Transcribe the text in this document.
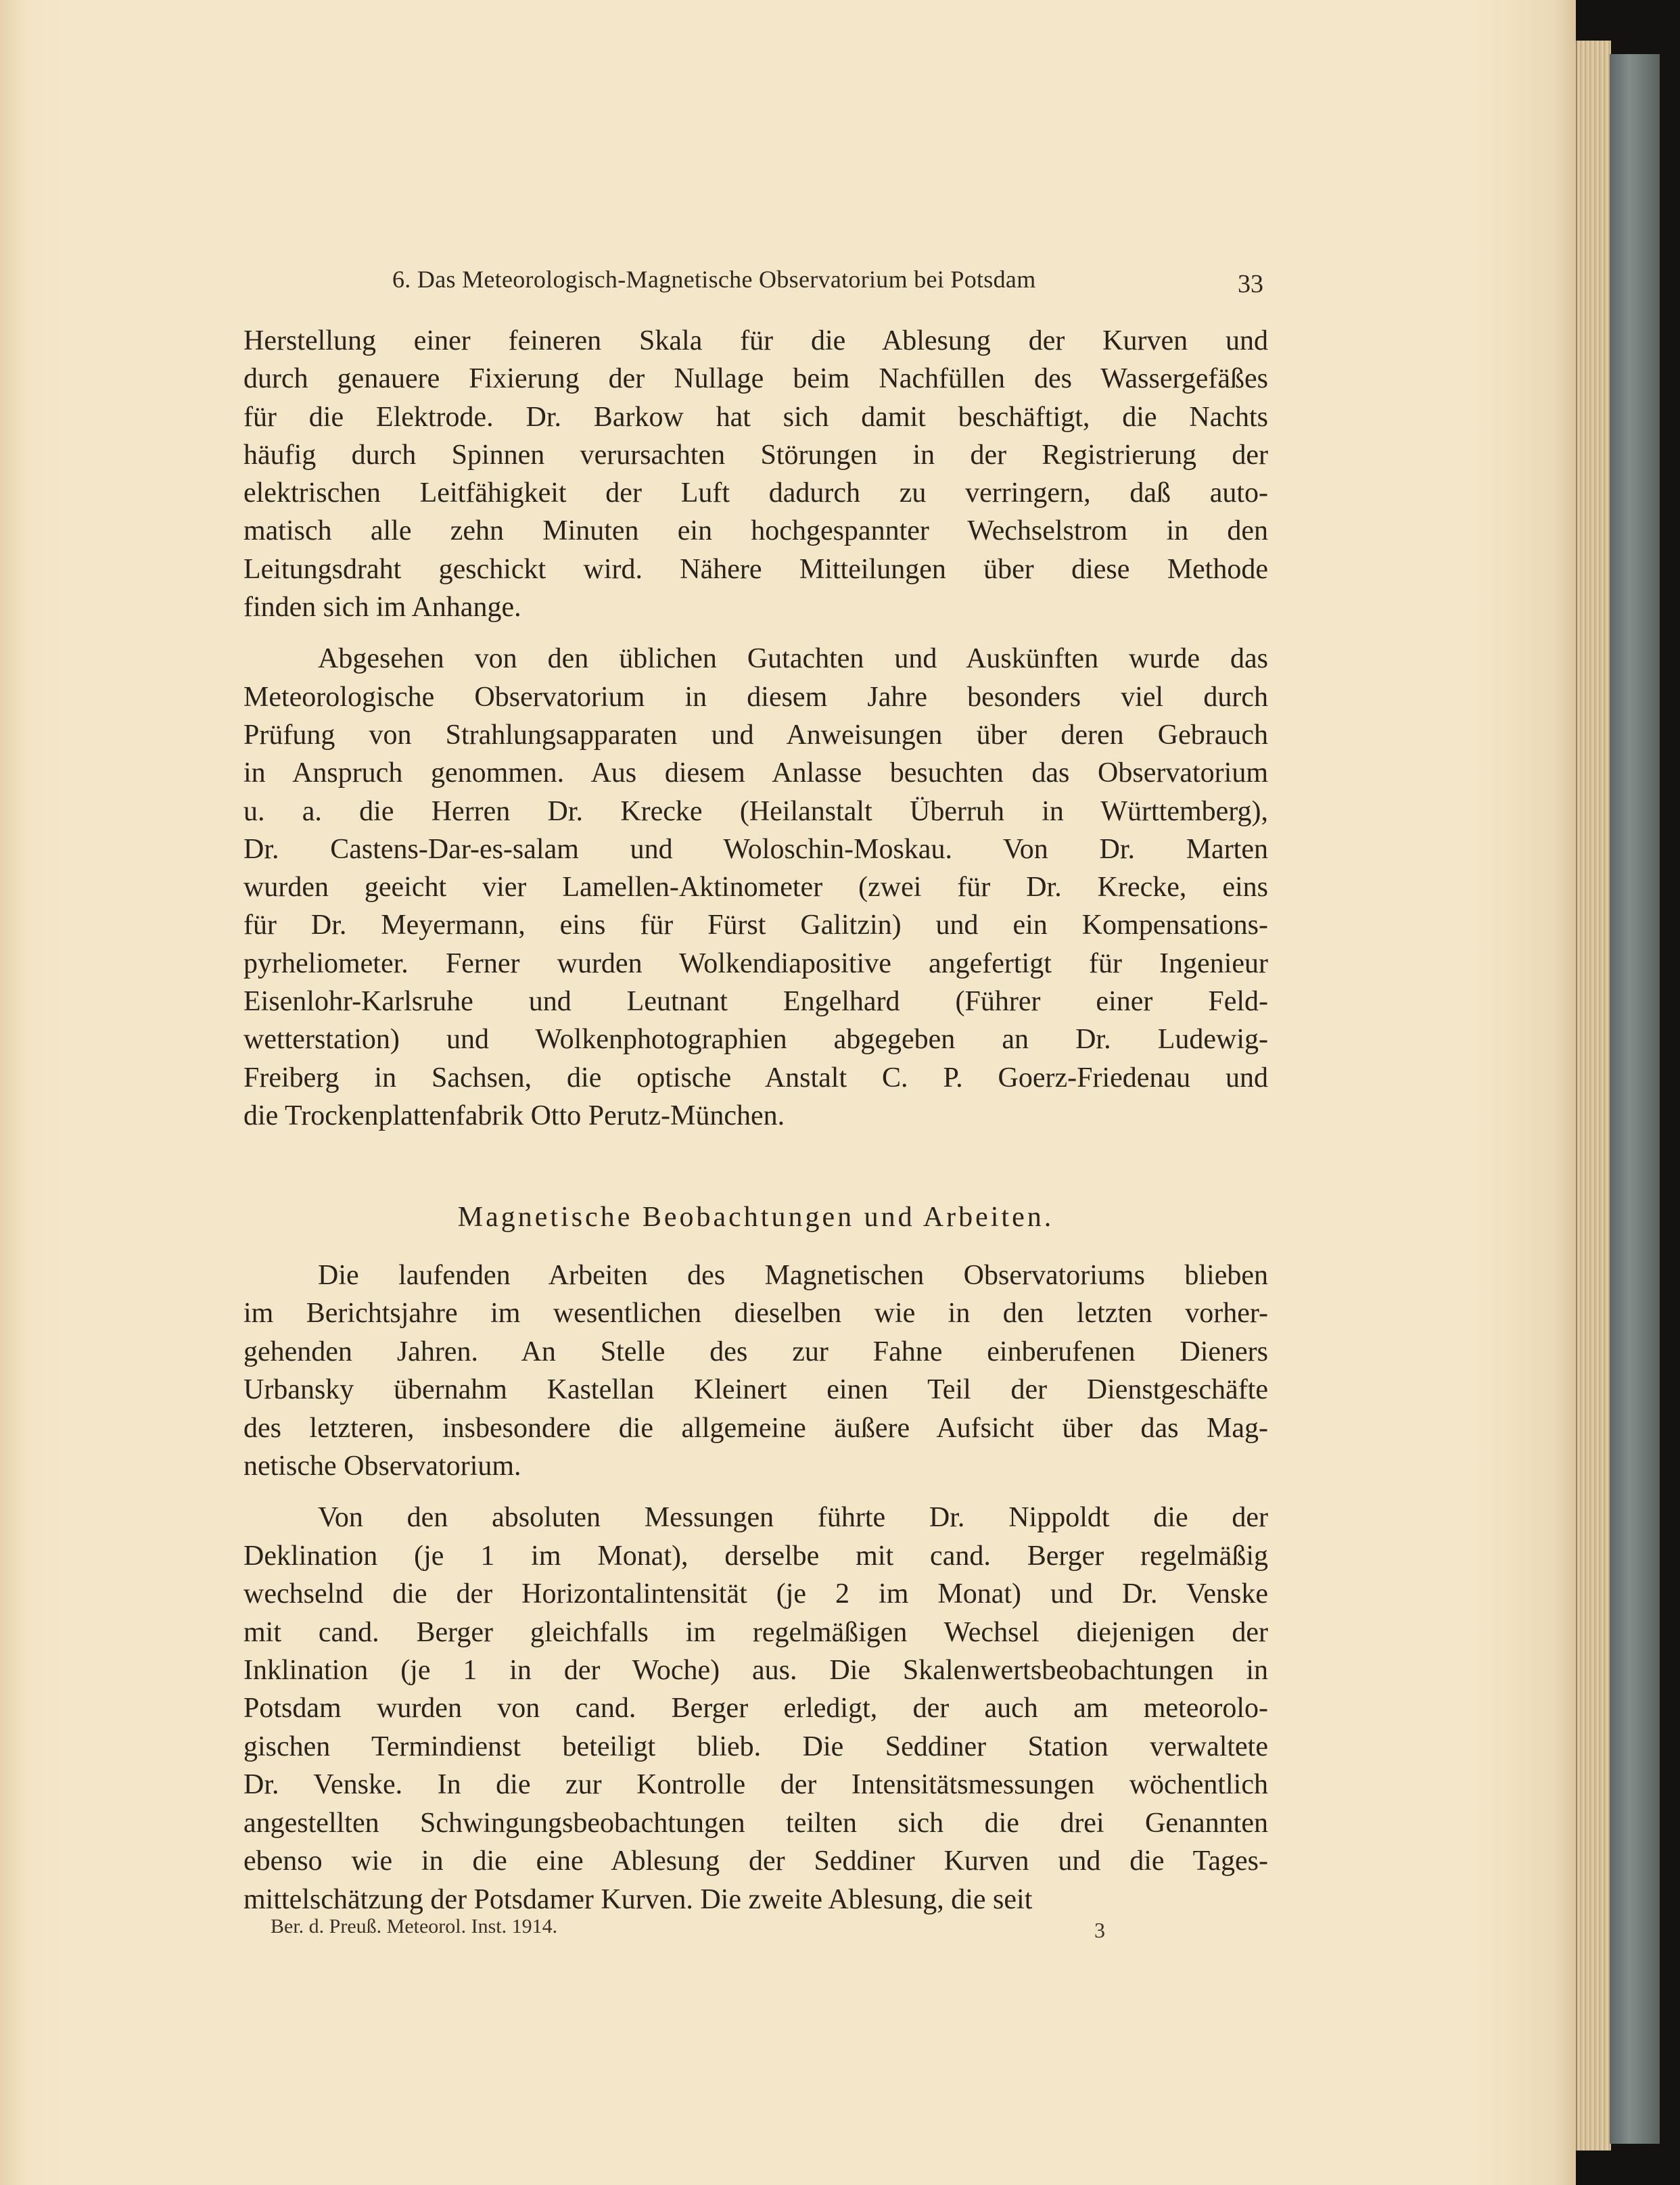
6. Das Meteorologisch-Magnetische Observatorium bei Potsdam	33
Herstellung einer feineren Skala für die Ablesung der Kurven und
durch genauere Fixierung der Nullage beim Nachfüllen des Wassergefäßes
für die Elektrode. Dr. Barkow hat sich damit beschäftigt, die Nachts
häufig durch Spinnen verursachten Störungen in der Registrierung der
elektrischen Leitfähigkeit der Luft dadurch zu verringern, daß auto-
matisch alle zehn Minuten ein hochgespannter Wechselstrom in den
Leitungsdraht geschickt wird. Nähere Mitteilungen über diese Methode
finden sich im Anhange.
Abgesehen von den üblichen Gutachten und Auskünften wurde das
Meteorologische Observatorium in diesem Jahre besonders viel durch
Prüfung von Strahlungsapparaten und Anweisungen über deren Gebrauch
in Anspruch genommen. Aus diesem Anlasse besuchten das Observatorium
u. a. die Herren Dr. Krecke (Heilanstalt Überruh in Württemberg),
Dr. Castens-Dar-es-salam und Woloschin-Moskau. Von Dr. Marten
wurden geeicht vier Lamellen-Aktinometer (zwei für Dr. Krecke, eins
für Dr. Meyermann, eins für Fürst Galitzin) und ein Kompensations-
pyrheliometer. Ferner wurden Wolkendiapositive angefertigt für Ingenieur
Eisenlohr-Karlsruhe und Leutnant Engelhard (Führer einer Feld-
wetterstation) und Wolkenphotographien abgegeben an Dr. Ludewig-
Freiberg in Sachsen, die optische Anstalt C. P. Goerz-Friedenau und
die Trockenplattenfabrik Otto Perutz-München.
Magnetische Beobachtungen und Arbeiten.
Die laufenden Arbeiten des Magnetischen Observatoriums blieben
im Berichtsjahre im wesentlichen dieselben wie in den letzten vorher-
gehenden Jahren. An Stelle des zur Fahne einberufenen Dieners
Urbansky übernahm Kastellan Kleinert einen Teil der Dienstgeschäfte
des letzteren, insbesondere die allgemeine äußere Aufsicht über das Mag-
netische Observatorium.
Von den absoluten Messungen führte Dr. Nippoldt die der
Deklination (je 1 im Monat), derselbe mit cand. Berger regelmäßig
wechselnd die der Horizontalintensität (je 2 im Monat) und Dr. Venske
mit cand. Berger gleichfalls im regelmäßigen Wechsel diejenigen der
Inklination (je 1 in der Woche) aus. Die Skalenwertsbeobachtungen in
Potsdam wurden von cand. Berger erledigt, der auch am meteorolo-
gischen Termindienst beteiligt blieb. Die Seddiner Station verwaltete
Dr. Venske. In die zur Kontrolle der Intensitätsmessungen wöchentlich
angestellten Schwingungsbeobachtungen teilten sich die drei Genannten
ebenso wie in die eine Ablesung der Seddiner Kurven und die Tages-
mittelschätzung der Potsdamer Kurven. Die zweite Ablesung, die seit
Ber. d. Preuß. Meteorol. Inst. 1914.	3
